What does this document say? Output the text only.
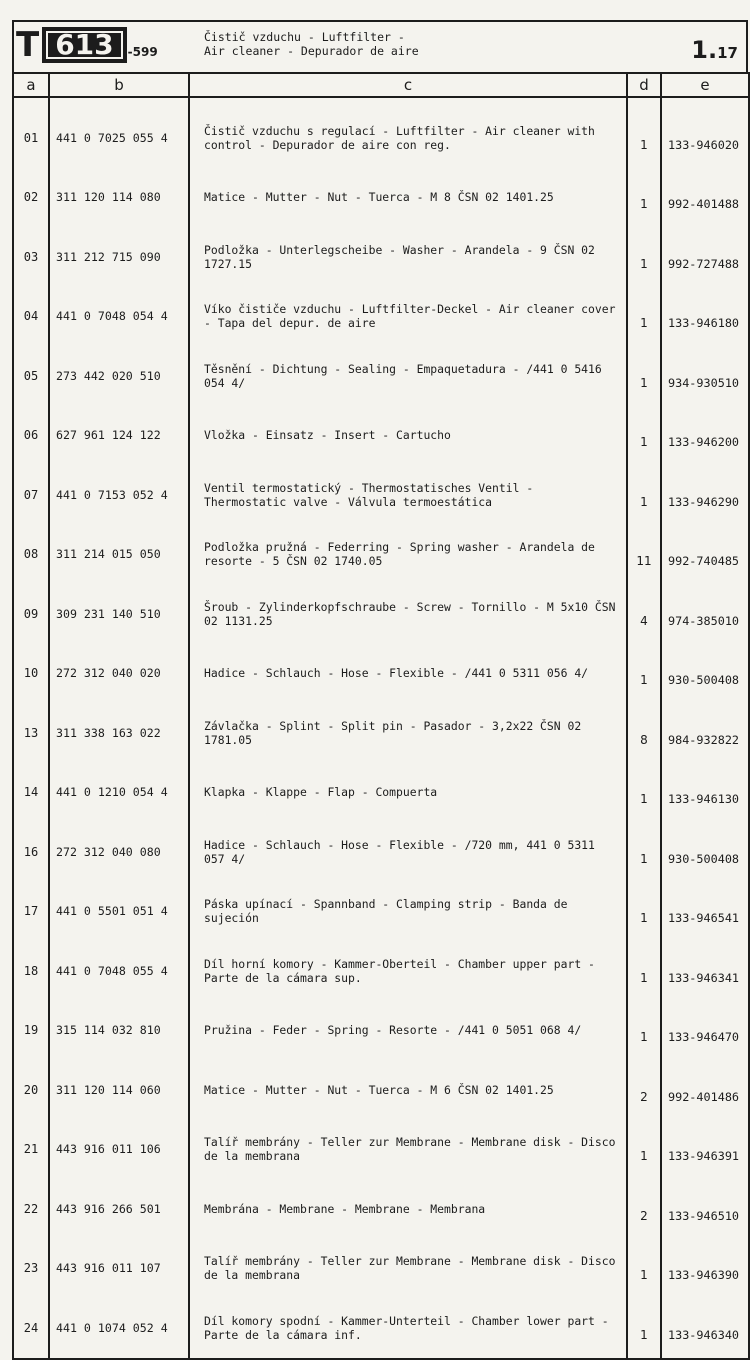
T 613	-599
Čistič vzduchu - Luftfilter -
Air cleaner - Depurador de aire	1.17
a	b	c	d	e

01	441 0 7025 055 4	Čistič vzduchu s regulací - Luftfilter - Air cleaner with control - Depurador de aire con reg.	1	133-946020
02	311 120 114 080	Matice - Mutter - Nut - Tuerca - M 8 ČSN 02 1401.25	1	992-401488
03	311 212 715 090	Podložka - Unterlegscheibe - Washer - Arandela - 9 ČSN 02 1727.15	1	992-727488
04	441 0 7048 054 4	Víko čističe vzduchu - Luftfilter-Deckel - Air cleaner cover - Tapa del depur. de aire	1	133-946180
05	273 442 020 510	Těsnění - Dichtung - Sealing - Empaquetadura - /441 0 5416 054 4/	1	934-930510
06	627 961 124 122	Vložka - Einsatz - Insert - Cartucho	1	133-946200
07	441 0 7153 052 4	Ventil termostatický - Thermostatisches Ventil - Thermostatic valve - Válvula termoestática	1	133-946290
08	311 214 015 050	Podložka pružná - Federring - Spring washer - Arandela de resorte - 5 ČSN 02 1740.05	11	992-740485
09	309 231 140 510	Šroub - Zylinderkopfschraube - Screw - Tornillo - M 5x10 ČSN 02 1131.25	4	974-385010
10	272 312 040 020	Hadice - Schlauch - Hose - Flexible - /441 0 5311 056 4/	1	930-500408
13	311 338 163 022	Závlačka - Splint - Split pin - Pasador - 3,2x22 ČSN 02 1781.05	8	984-932822
14	441 0 1210 054 4	Klapka - Klappe - Flap - Compuerta	1	133-946130
16	272 312 040 080	Hadice - Schlauch - Hose - Flexible - /720 mm, 441 0 5311 057 4/	1	930-500408
17	441 0 5501 051 4	Páska upínací - Spannband - Clamping strip - Banda de sujeción	1	133-946541
18	441 0 7048 055 4	Díl horní komory - Kammer-Oberteil - Chamber upper part - Parte de la cámara sup.	1	133-946341
19	315 114 032 810	Pružina - Feder - Spring - Resorte - /441 0 5051 068 4/	1	133-946470
20	311 120 114 060	Matice - Mutter - Nut - Tuerca - M 6 ČSN 02 1401.25	2	992-401486
21	443 916 011 106	Talíř membrány - Teller zur Membrane - Membrane disk - Disco de la membrana	1	133-946391
22	443 916 266 501	Membrána - Membrane - Membrane - Membrana	2	133-946510
23	443 916 011 107	Talíř membrány - Teller zur Membrane - Membrane disk - Disco de la membrana	1	133-946390
24	441 0 1074 052 4	Díl komory spodní - Kammer-Unterteil - Chamber lower part - Parte de la cámara inf.	1	133-946340
